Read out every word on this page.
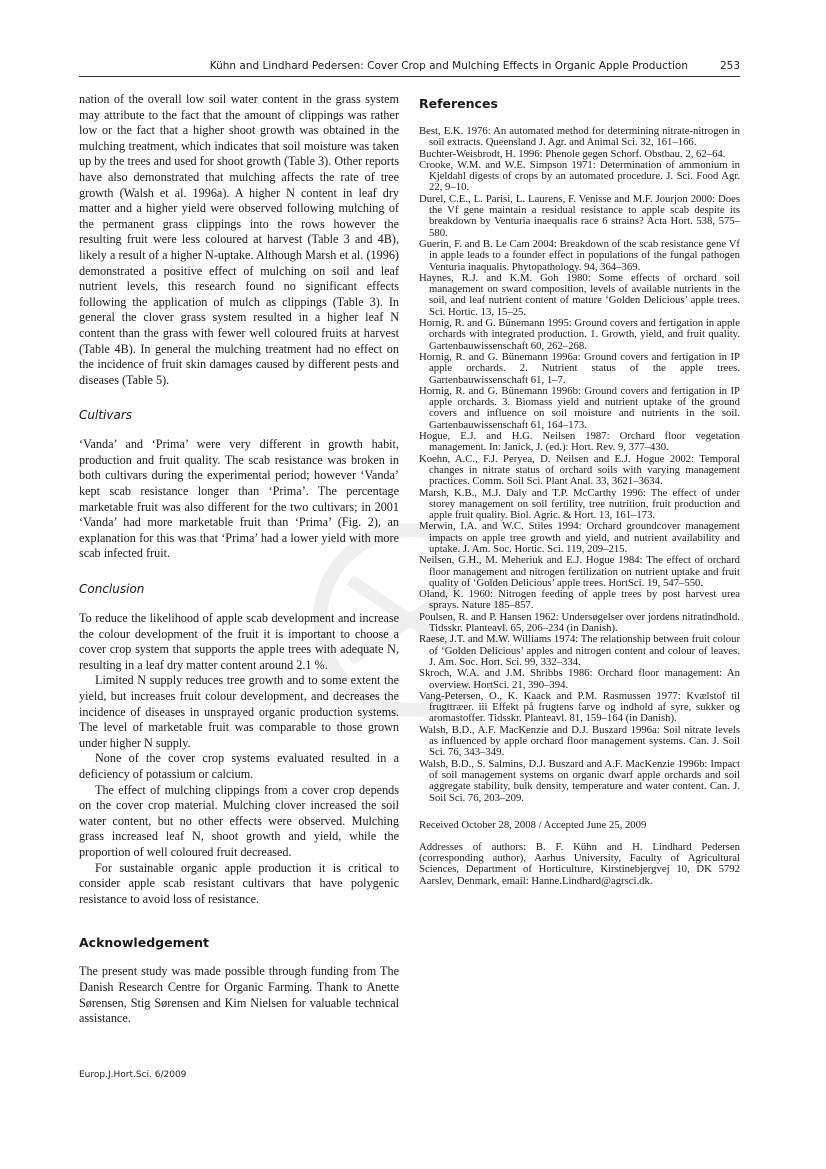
Kühn and Lindhard Pedersen: Cover Crop and Mulching Effects in Organic Apple Production	253

nation of the overall low soil water content in the grass system may attribute to the fact that the amount of clippings was rather low or the fact that a higher shoot growth was obtained in the mulching treatment, which indicates that soil moisture was taken up by the trees and used for shoot growth (Table 3). Other reports have also demonstrated that mulching affects the rate of tree growth (Walsh et al. 1996a). A higher N content in leaf dry matter and a higher yield were observed following mulching of the permanent grass clippings into the rows however the resulting fruit were less coloured at harvest (Table 3 and 4B), likely a result of a higher N-uptake. Although Marsh et al. (1996) demonstrated a positive effect of mulching on soil and leaf nutrient levels, this research found no significant effects following the application of mulch as clippings (Table 3). In general the clover grass system resulted in a higher leaf N content than the grass with fewer well coloured fruits at harvest (Table 4B). In general the mulching treatment had no effect on the incidence of fruit skin damages caused by different pests and diseases (Table 5).

Cultivars

‘Vanda’ and ‘Prima’ were very different in growth habit, production and fruit quality. The scab resistance was broken in both cultivars during the experimental period; however ‘Vanda’ kept scab resistance longer than ‘Prima’. The percentage marketable fruit was also different for the two cultivars; in 2001 ‘Vanda’ had more marketable fruit than ‘Prima’ (Fig. 2), an explanation for this was that ‘Prima’ had a lower yield with more scab infected fruit.

Conclusion

To reduce the likelihood of apple scab development and increase the colour development of the fruit it is important to choose a cover crop system that supports the apple trees with adequate N, resulting in a leaf dry matter content around 2.1 %.

Limited N supply reduces tree growth and to some extent the yield, but increases fruit colour development, and decreases the incidence of diseases in unsprayed organic production systems. The level of marketable fruit was comparable to those grown under higher N supply.

None of the cover crop systems evaluated resulted in a deficiency of potassium or calcium.

The effect of mulching clippings from a cover crop depends on the cover crop material. Mulching clover increased the soil water content, but no other effects were observed. Mulching grass increased leaf N, shoot growth and yield, while the proportion of well coloured fruit decreased.

For sustainable organic apple production it is critical to consider apple scab resistant cultivars that have polygenic resistance to avoid loss of resistance.

Acknowledgement

The present study was made possible through funding from The Danish Research Centre for Organic Farming. Thank to Anette Sørensen, Stig Sørensen and Kim Nielsen for valuable technical assistance.

References

Best, E.K. 1976: An automated method for determining nitrate-nitrogen in soil extracts. Queensland J. Agr. and Animal Sci. 32, 161–166.

Buchter-Weisbrodt, H. 1996: Phenole gegen Schorf. Obstbau. 2, 62–64.

Crooke, W.M. and W.E. Simpson 1971: Determination of ammonium in Kjeldahl digests of crops by an automated procedure. J. Sci. Food Agr. 22, 9–10.

Durel, C.E., L. Parisi, L. Laurens, F. Venisse and M.F. Jourjon 2000: Does the Vf gene maintain a residual resistance to apple scab despite its breakdown by Venturia inaequalis race 6 strains? Acta Hort. 538, 575–580.

Guerin, F. and B. Le Cam 2004: Breakdown of the scab resistance gene Vf in apple leads to a founder effect in populations of the fungal pathogen Venturia inaqualis. Phytopathology. 94, 364–369.

Haynes, R.J. and K.M. Goh 1980: Some effects of orchard soil management on sward composition, levels of available nutrients in the soil, and leaf nutrient content of mature ‘Golden Delicious’ apple trees. Sci. Hortic. 13, 15–25.

Hornig, R. and G. Bünemann 1995: Ground covers and fertigation in apple orchards with integrated production. 1. Growth, yield, and fruit quality. Gartenbauwissenschaft 60, 262–268.

Hornig, R. and G. Bünemann 1996a: Ground covers and fertigation in IP apple orchards. 2. Nutrient status of the apple trees. Gartenbauwissenschaft 61, 1–7.

Hornig, R. and G. Bünemann 1996b: Ground covers and fertigation in IP apple orchards. 3. Biomass yield and nutrient uptake of the ground covers and influence on soil moisture and nutrients in the soil. Gartenbauwissenschaft 61, 164–173.

Hogue, E.J. and H.G. Neilsen 1987: Orchard floor vegetation management. In: Janick, J. (ed.): Hort. Rev. 9, 377–430.

Koehn, A.C., F.J. Peryea, D. Neilsen and E.J. Hogue 2002: Temporal changes in nitrate status of orchard soils with varying management practices. Comm. Soil Sci. Plant Anal. 33, 3621–3634.

Marsh, K.B., M.J. Daly and T.P. McCarthy 1996: The effect of under storey management on soil fertility, tree nutrition, fruit production and apple fruit quality. Biol. Agric. & Hort. 13, 161–173.

Merwin, I.A. and W.C. Stiles 1994: Orchard groundcover management impacts on apple tree growth and yield, and nutrient availability and uptake. J. Am. Soc. Hortic. Sci. 119, 209–215.

Neilsen, G.H., M. Meheriuk and E.J. Hogue 1984: The effect of orchard floor management and nitrogen fertilization on nutrient uptake and fruit quality of ‘Golden Delicious’ apple trees. HortSci. 19, 547–550.

Oland, K. 1960: Nitrogen feeding of apple trees by post harvest urea sprays. Nature 185–857.

Poulsen, R. and P. Hansen 1962: Undersøgelser over jordens nitratindhold. Tidsskr. Planteavl. 65, 206–234 (in Danish).

Raese, J.T. and M.W. Williams 1974: The relationship between fruit colour of ‘Golden Delicious’ apples and nitrogen content and colour of leaves. J. Am. Soc. Hort. Sci. 99, 332–334.

Skroch, W.A. and J.M. Shribbs 1986: Orchard floor management: An overview. HortSci. 21, 390–394.

Vang-Petersen, O., K. Kaack and P.M. Rasmussen 1977: Kvælstof til frugttræer. iii Effekt på frugtens farve og indhold af syre, sukker og aromastoffer. Tidsskr. Planteavl. 81, 159–164 (in Danish).

Walsh, B.D., A.F. MacKenzie and D.J. Buszard 1996a: Soil nitrate levels as influenced by apple orchard floor management systems. Can. J. Soil Sci. 76, 343–349.

Walsh, B.D., S. Salmins, D.J. Buszard and A.F. MacKenzie 1996b: Impact of soil management systems on organic dwarf apple orchards and soil aggregate stability, bulk density, temperature and water content. Can. J. Soil Sci. 76, 203–209.

Received October 28, 2008 / Accepted June 25, 2009

Addresses of authors: B. F. Kühn and H. Lindhard Pedersen (corresponding author), Aarhus University, Faculty of Agricultural Sciences, Department of Horticulture, Kirstinebjergvej 10, DK 5792 Aarslev, Denmark, email: Hanne.Lindhard@agrsci.dk.

Europ.J.Hort.Sci. 6/2009
